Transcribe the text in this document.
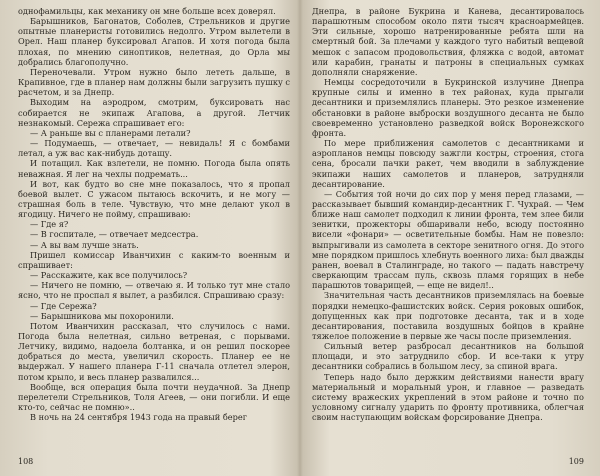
однофамильцы, как механику он мне больше всех доверял.

Барышников, Багонатов, Соболев, Стрельников и другие опытные планеристы готовились недолго. Утром вылетели в Орел. Наш планер буксировал Агапов. И хотя погода была плохая, по мнению синоптиков, нелетная, до Орла мы добрались благополучно.

Переночевали. Утром нужно было лететь дальше, в Крапивное, где в планер нам должны были загрузить пушку с расчетом, и за Днепр.

Выходим на аэродром, смотрим, буксировать нас собирается не экипаж Агапова, а другой. Летчик незнакомый. Сережа спрашивает его:

— А раньше вы с планерами летали?

— Подумаешь, — отвечает, — невидаль! Я с бомбами летал, а уж вас как-нибудь дотащу.

И потащил. Как взлетели, не помню. Погода была опять неважная. Я лег на чехлы подремать...

И вот, как будто во сне мне показалось, что я пропал боевой вылет. С ужасом пытаюсь вскочить, и не могу — страшная боль в теле. Чувствую, что мне делают укол в ягодицу. Ничего не пойму, спрашиваю:

— Где я?

— В госпитале, — отвечает медсестра.

— А вы вам лучше знать.

Пришел комиссар Иванчихин с каким-то военным и спрашивает:

— Расскажите, как все получилось?

— Ничего не помню, — отвечаю я. И только тут мне стало ясно, что не проспал я вылет, а разбился. Спрашиваю сразу:

— Где Сережа?

— Барышникова мы похоронили.

Потом Иванчихин рассказал, что случилось с нами. Погода была нелетная, сильно ветреная, с порывами. Летчику, видимо, надоела болтанка, и он решил поскорее добраться до места, увеличил скорость. Планер ее не выдержал. У нашего планера Г-11 сначала отлетел элерон, потом крыло, и весь планер развалился...

Вообще, вся операция была почти неудачной. За Днепр перелетели Стрельников, Толя Агеев, — они погибли. И еще кто-то, сейчас не помню»..

В ночь на 24 сентября 1943 года на правый берег

108

Днепра, в районе Букрина и Канева, десантировалось парашютным способом около пяти тысяч красноармейцев. Эти сильные, хорошо натренированные ребята шли на смертный бой. За плечами у каждого туго набитый вещевой мешок с запасом продовольствия, фляжка с водой, автомат или карабин, гранаты и патроны в специальных сумках дополняли снаряжение.

Немцы сосредоточили в Букринской излучине Днепра крупные силы и именно в тех районах, куда прыгали десантники и приземлялись планеры. Это резкое изменение обстановки в районе выброски воздушного десанта не было своевременно установлено разведкой войск Воронежского фронта.

По мере приближения самолетов с десантниками и аэропланов немцы повсюду зажгли костры, строения, стога сена, бросали пачки ракет, чем вводили в заблуждение экипажи наших самолетов и планеров, затрудняли десантирование.

— События той ночи до сих пор у меня перед глазами, — рассказывает бывший командир-десантник Г. Чухрай. — Чем ближе наш самолет подходил к линии фронта, тем злее били зенитки, прожекторы обшаривали небо, всюду постоянно висели «фонари» — осветительные бомбы. Нам не повезло: выпрыгивали из самолета в секторе зенитного огня. До этого мне порядком пришлось хлебнуть военного лиха: был дважды ранен, воевал в Сталинграде, но такого — падать навстречу сверкающим трассам пуль, сквозь пламя горящих в небе парашютов товарищей, — еще не видел!..

Значительная часть десантников приземлялась на боевые порядки немецко-фашистских войск. Серия роковых ошибок, допущенных как при подготовке десанта, так и в ходе десантирования, поставила воздушных бойцов в крайне тяжелое положение в первые же часы после приземления.

Сильный ветер разбросал десантников на большой площади, и это затруднило сбор. И все-таки к утру десантники собрались в большом лесу, за спиной врага.

Теперь надо было держким действиями нанести врагу материальный и моральный урон, и главное — разведать систему вражеских укреплений в этом районе и точно по условному сигналу ударить по фронту противника, облегчая своим наступающим войскам форсирование Днепра.

109
